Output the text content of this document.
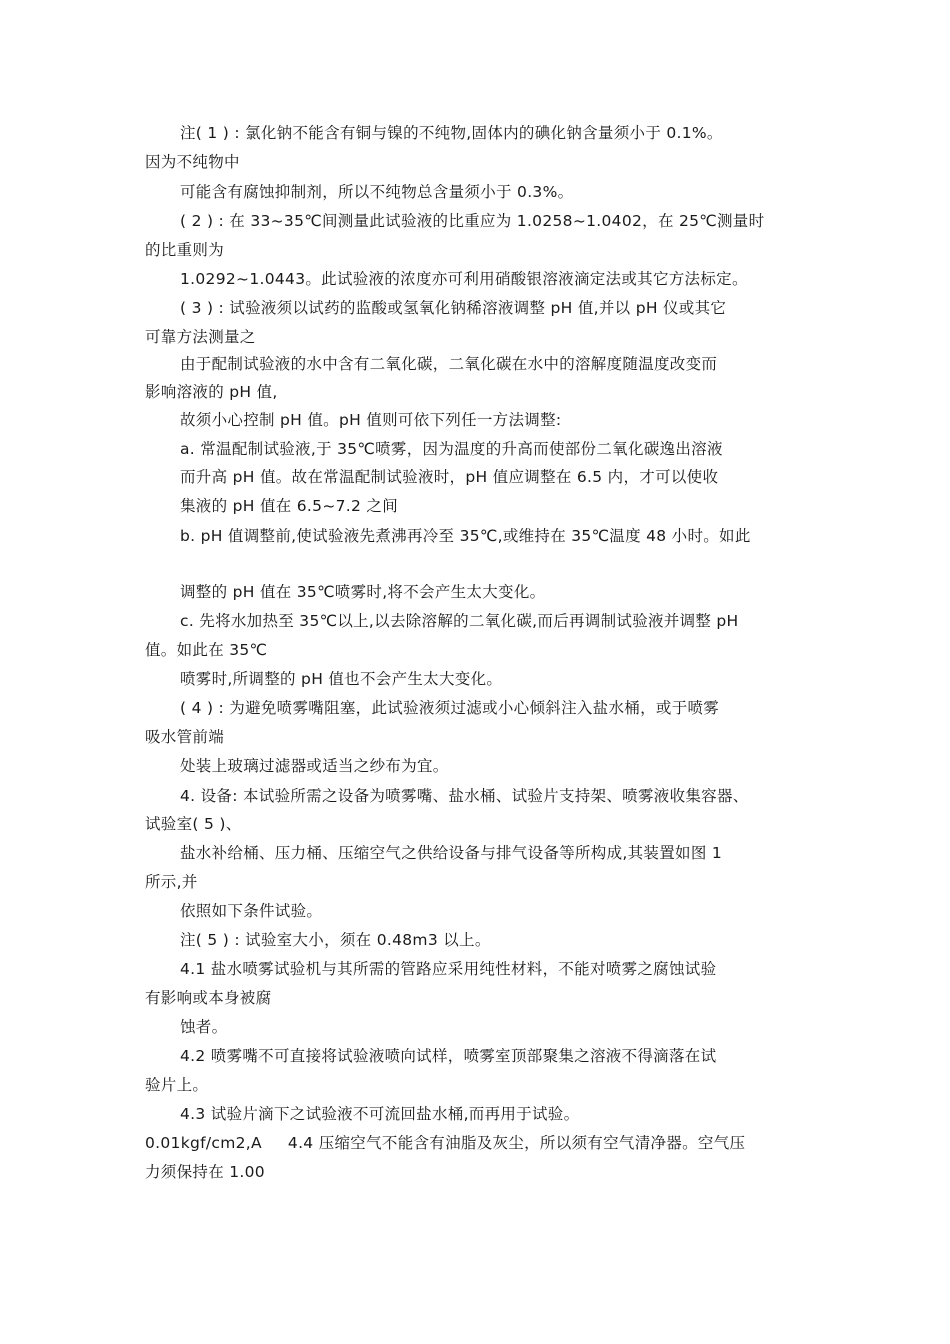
注( 1 ) : 氯化钠不能含有铜与镍的不纯物,固体内的碘化钠含量须小于 0.1%。
因为不纯物中
可能含有腐蚀抑制剂，所以不纯物总含量须小于 0.3%。
( 2 ) : 在 33~35℃间测量此试验液的比重应为 1.0258~1.0402，在 25℃测量时
的比重则为
1.0292~1.0443。此试验液的浓度亦可利用硝酸银溶液滴定法或其它方法标定。
( 3 ) : 试验液须以试药的监酸或氢氧化钠稀溶液调整 pH 值,并以 pH 仪或其它
可靠方法测量之
由于配制试验液的水中含有二氧化碳，二氧化碳在水中的溶解度随温度改变而
影响溶液的 pH 值,
故须小心控制 pH 值。pH 值则可依下列任一方法调整:
a. 常温配制试验液,于 35℃喷雾，因为温度的升高而使部份二氧化碳逸出溶液
而升高 pH 值。故在常温配制试验液时，pH 值应调整在 6.5 内，才可以使收
集液的 pH 值在 6.5~7.2 之间
b. pH 值调整前,使试验液先煮沸再冷至 35℃,或维持在 35℃温度 48 小时。如此
调整的 pH 值在 35℃喷雾时,将不会产生太大变化。
c. 先将水加热至 35℃以上,以去除溶解的二氧化碳,而后再调制试验液并调整 pH
值。如此在 35℃
喷雾时,所调整的 pH 值也不会产生太大变化。
( 4 ) : 为避免喷雾嘴阻塞，此试验液须过滤或小心倾斜注入盐水桶，或于喷雾
吸水管前端
处装上玻璃过滤器或适当之纱布为宜。
4. 设备: 本试验所需之设备为喷雾嘴、盐水桶、试验片支持架、喷雾液收集容器、
试验室( 5 )、
盐水补给桶、压力桶、压缩空气之供给设备与排气设备等所构成,其装置如图 1
所示,并
依照如下条件试验。
注( 5 ) : 试验室大小，须在 0.48m3 以上。
4.1 盐水喷雾试验机与其所需的管路应采用纯性材料，不能对喷雾之腐蚀试验
有影响或本身被腐
蚀者。
4.2 喷雾嘴不可直接将试验液喷向试样，喷雾室顶部聚集之溶液不得滴落在试
验片上。
4.3 试验片滴下之试验液不可流回盐水桶,而再用于试验。
0.01kgf/cm2,A 4.4 压缩空气不能含有油脂及灰尘，所以须有空气清净器。空气压
力须保持在 1.00
